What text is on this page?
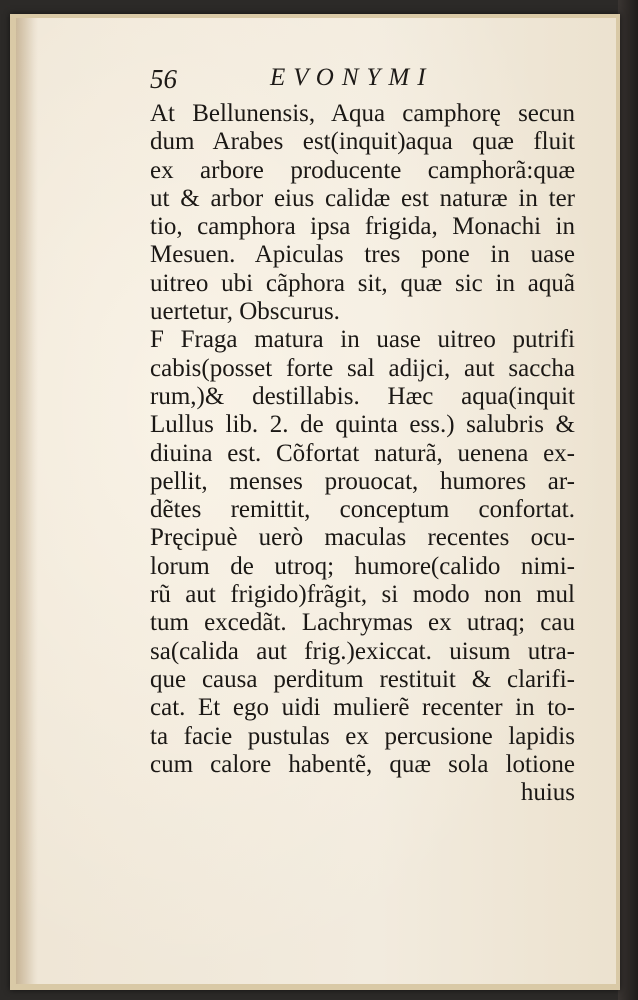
56	EVONYMI
At Bellunensis, Aqua camphorę secun
dum Arabes est(inquit)aqua quæ fluit
ex arbore producente camphorã:quæ
ut & arbor eius calidæ est naturæ in ter
tio, camphora ipsa frigida, Monachi in
Mesuen. Apiculas tres pone in uase
uitreo ubi cãphora sit, quæ sic in aquã
uertetur, Obscurus.
F Fraga matura in uase uitreo putrifi
cabis(posset forte sal adijci, aut saccha
rum,)& destillabis. Hæc aqua(inquit
Lullus lib. 2. de quinta ess.) salubris &
diuina est. Cõfortat naturã, uenena ex-
pellit, menses prouocat, humores ar-
dẽtes remittit, conceptum confortat.
Pręcipuè uerò maculas recentes ocu-
lorum de utroq; humore(calido nimi-
rũ aut frigido)frãgit, si modo non mul
tum excedãt. Lachrymas ex utraq; cau
sa(calida aut frig.)exiccat. uisum utra-
que causa perditum restituit & clarifi-
cat. Et ego uidi mulierẽ recenter in to-
ta facie pustulas ex percusione lapidis
cum calore habentẽ, quæ sola lotione
huius
